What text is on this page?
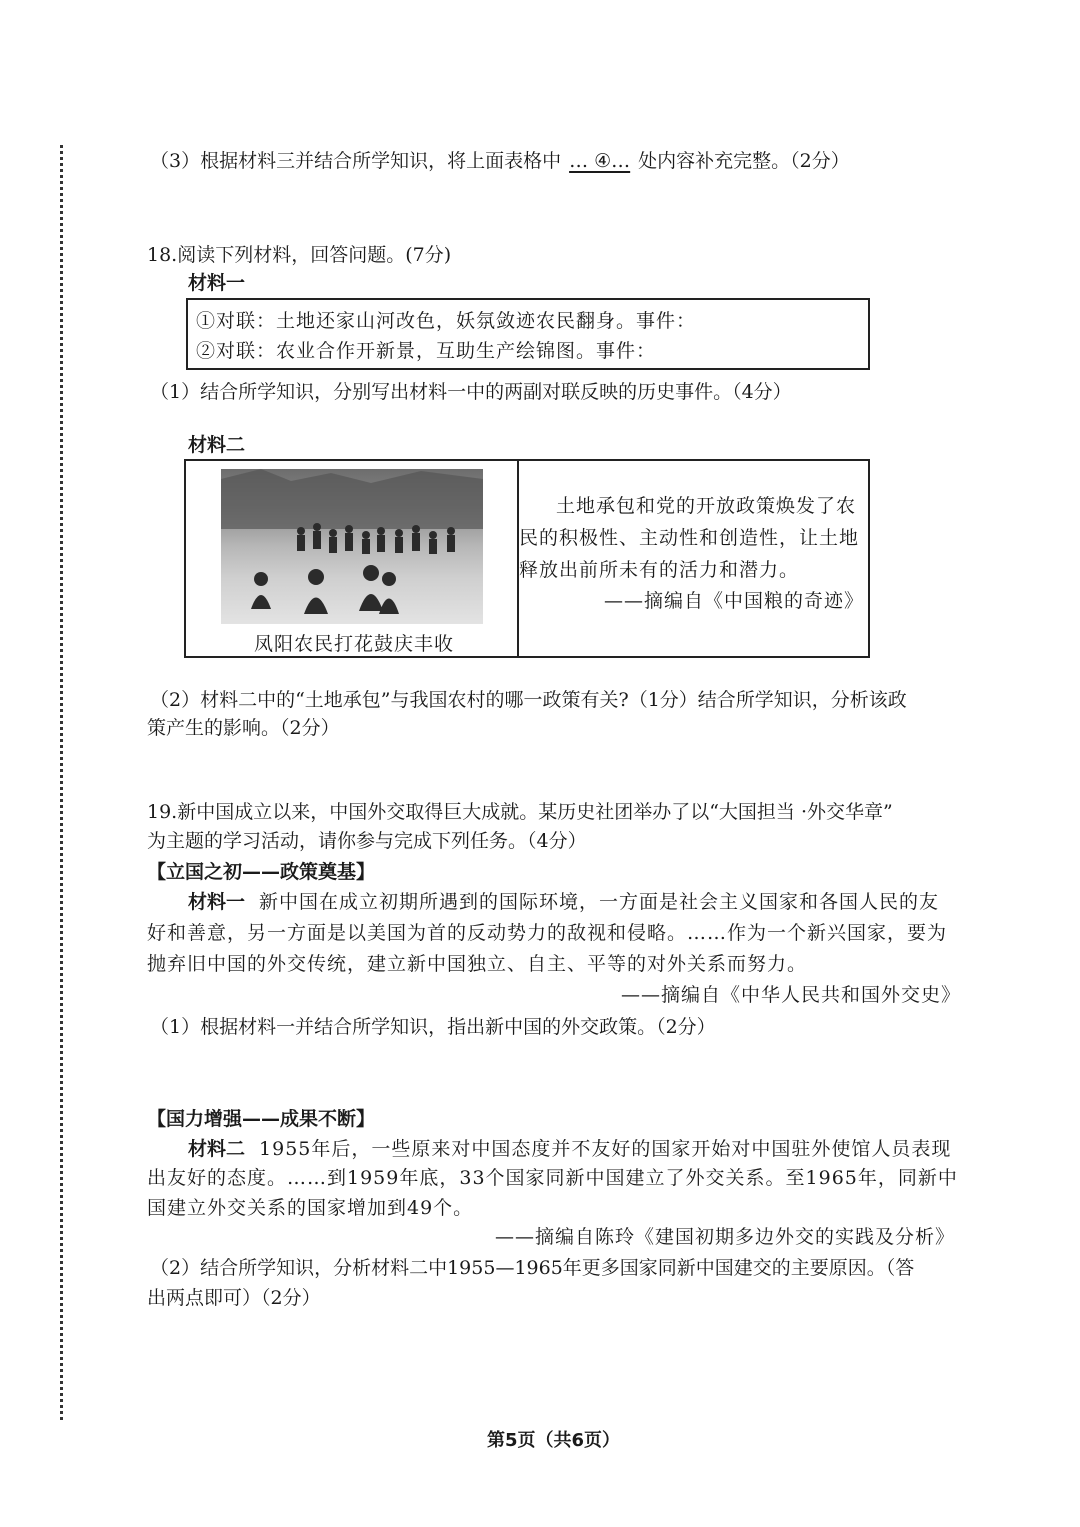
（3）根据材料三并结合所学知识，将上面表格中 … ④… 处内容补充完整。（2分）
18.阅读下列材料，回答问题。(7分)
材料一
①对联：土地还家山河改色，妖氛敛迹农民翻身。事件：
②对联：农业合作开新景，互助生产绘锦图。事件：
（1）结合所学知识，分别写出材料一中的两副对联反映的历史事件。（4分）
材料二
凤阳农民打花鼓庆丰收
土地承包和党的开放政策焕发了农
民的积极性、主动性和创造性，让土地
释放出前所未有的活力和潜力。
——摘编自《中国粮的奇迹》
（2）材料二中的“土地承包”与我国农村的哪一政策有关?（1分）结合所学知识，分析该政
策产生的影响。（2分）
19.新中国成立以来，中国外交取得巨大成就。某历史社团举办了以“大国担当 ·外交华章”
为主题的学习活动，请你参与完成下列任务。（4分）
【立国之初——政策奠基】
材料一 新中国在成立初期所遇到的国际环境，一方面是社会主义国家和各国人民的友
好和善意，另一方面是以美国为首的反动势力的敌视和侵略。……作为一个新兴国家，要为
抛弃旧中国的外交传统，建立新中国独立、自主、平等的对外关系而努力。
——摘编自《中华人民共和国外交史》
（1）根据材料一并结合所学知识，指出新中国的外交政策。（2分）
【国力增强——成果不断】
材料二 1955年后，一些原来对中国态度并不友好的国家开始对中国驻外使馆人员表现
出友好的态度。……到1959年底，33个国家同新中国建立了外交关系。至1965年，同新中
国建立外交关系的国家增加到49个。
——摘编自陈玲《建国初期多边外交的实践及分析》
（2）结合所学知识，分析材料二中1955—1965年更多国家同新中国建交的主要原因。（答
出两点即可）（2分）
第5页（共6页）
